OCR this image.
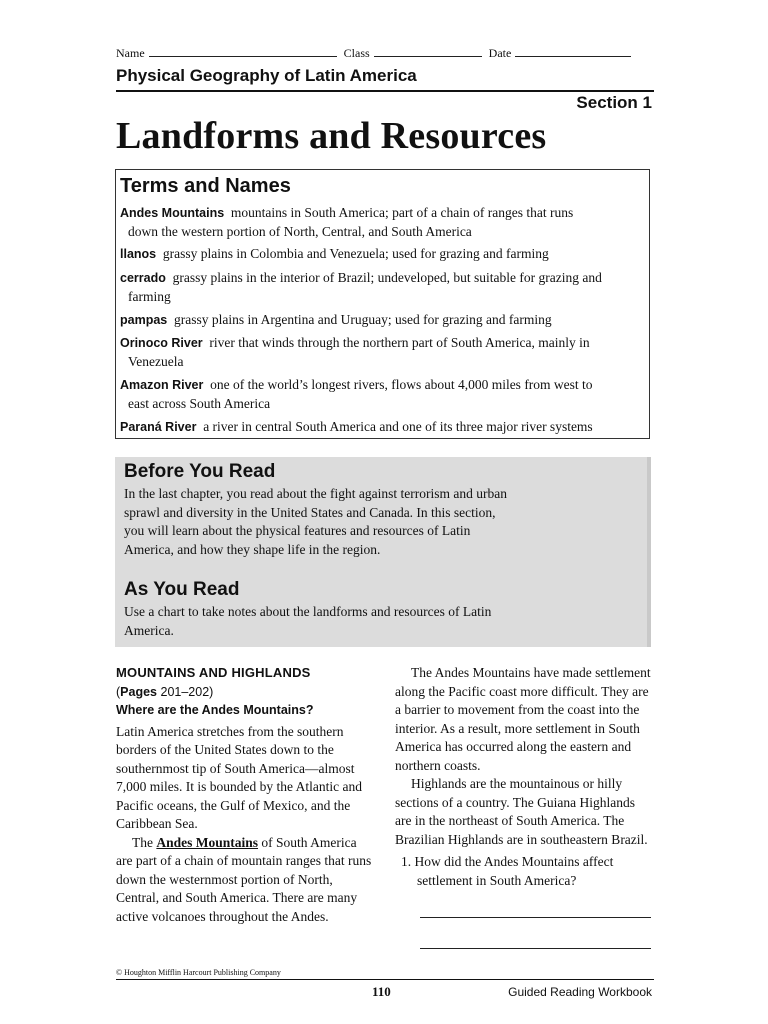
Name	Class	Date
Physical Geography of Latin America
Section 1
Landforms and Resources
Terms and Names
Andes Mountains mountains in South America; part of a chain of ranges that runs
down the western portion of North, Central, and South America
llanos grassy plains in Colombia and Venezuela; used for grazing and farming
cerrado grassy plains in the interior of Brazil; undeveloped, but suitable for grazing and
farming
pampas grassy plains in Argentina and Uruguay; used for grazing and farming
Orinoco River river that winds through the northern part of South America, mainly in
Venezuela
Amazon River one of the world’s longest rivers, flows about 4,000 miles from west to
east across South America
Paraná River a river in central South America and one of its three major river systems
Before You Read
In the last chapter, you read about the fight against terrorism and urban
sprawl and diversity in the United States and Canada. In this section,
you will learn about the physical features and resources of Latin
America, and how they shape life in the region.
As You Read
Use a chart to take notes about the landforms and resources of Latin
America.
MOUNTAINS AND HIGHLANDS
(Pages 201–202)
Where are the Andes Mountains?

Latin America stretches from the southern borders of the United States down to the southernmost tip of South America—almost 7,000 miles. It is bounded by the Atlantic and Pacific oceans, the Gulf of Mexico, and the Caribbean Sea.

The Andes Mountains of South America are part of a chain of mountain ranges that runs down the westernmost portion of North, Central, and South America. There are many active volcanoes throughout the Andes.

The Andes Mountains have made settlement along the Pacific coast more difficult. They are a barrier to movement from the coast into the interior. As a result, more settlement in South America has occurred along the eastern and northern coasts.

Highlands are the mountainous or hilly sections of a country. The Guiana Highlands are in the northeast of South America. The Brazilian Highlands are in southeastern Brazil.

1. How did the Andes Mountains affect settlement in South America?

© Houghton Mifflin Harcourt Publishing Company
110	Guided Reading Workbook
